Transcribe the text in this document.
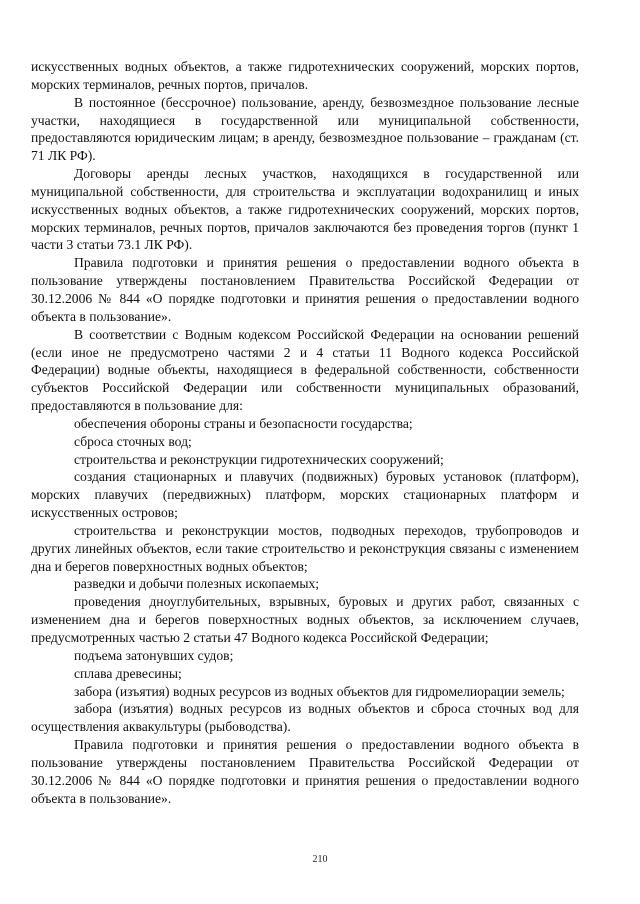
искусственных водных объектов, а также гидротехнических сооружений, морских портов, морских терминалов, речных портов, причалов.

В постоянное (бессрочное) пользование, аренду, безвозмездное пользование лесные участки, находящиеся в государственной или муниципальной собственности, предоставляются юридическим лицам; в аренду, безвозмездное пользование – гражданам (ст. 71 ЛК РФ).

Договоры аренды лесных участков, находящихся в государственной или муниципальной собственности, для строительства и эксплуатации водохранилищ и иных искусственных водных объектов, а также гидротехнических сооружений, морских портов, морских терминалов, речных портов, причалов заключаются без проведения торгов (пункт 1 части 3 статьи 73.1 ЛК РФ).

Правила подготовки и принятия решения о предоставлении водного объекта в пользование утверждены постановлением Правительства Российской Федерации от 30.12.2006 № 844 «О порядке подготовки и принятия решения о предоставлении водного объекта в пользование».

В соответствии с Водным кодексом Российской Федерации на основании решений (если иное не предусмотрено частями 2 и 4 статьи 11 Водного кодекса Российской Федерации) водные объекты, находящиеся в федеральной собственности, собственности субъектов Российской Федерации или собственности муниципальных образований, предоставляются в пользование для:

обеспечения обороны страны и безопасности государства;

сброса сточных вод;

строительства и реконструкции гидротехнических сооружений;

создания стационарных и плавучих (подвижных) буровых установок (платформ), морских плавучих (передвижных) платформ, морских стационарных платформ и искусственных островов;

строительства и реконструкции мостов, подводных переходов, трубопроводов и других линейных объектов, если такие строительство и реконструкция связаны с изменением дна и берегов поверхностных водных объектов;

разведки и добычи полезных ископаемых;

проведения дноуглубительных, взрывных, буровых и других работ, связанных с изменением дна и берегов поверхностных водных объектов, за исключением случаев, предусмотренных частью 2 статьи 47 Водного кодекса Российской Федерации;

подъема затонувших судов;

сплава древесины;

забора (изъятия) водных ресурсов из водных объектов для гидромелиорации земель;

забора (изъятия) водных ресурсов из водных объектов и сброса сточных вод для осуществления аквакультуры (рыбоводства).

Правила подготовки и принятия решения о предоставлении водного объекта в пользование утверждены постановлением Правительства Российской Федерации от 30.12.2006 № 844 «О порядке подготовки и принятия решения о предоставлении водного объекта в пользование».

210
